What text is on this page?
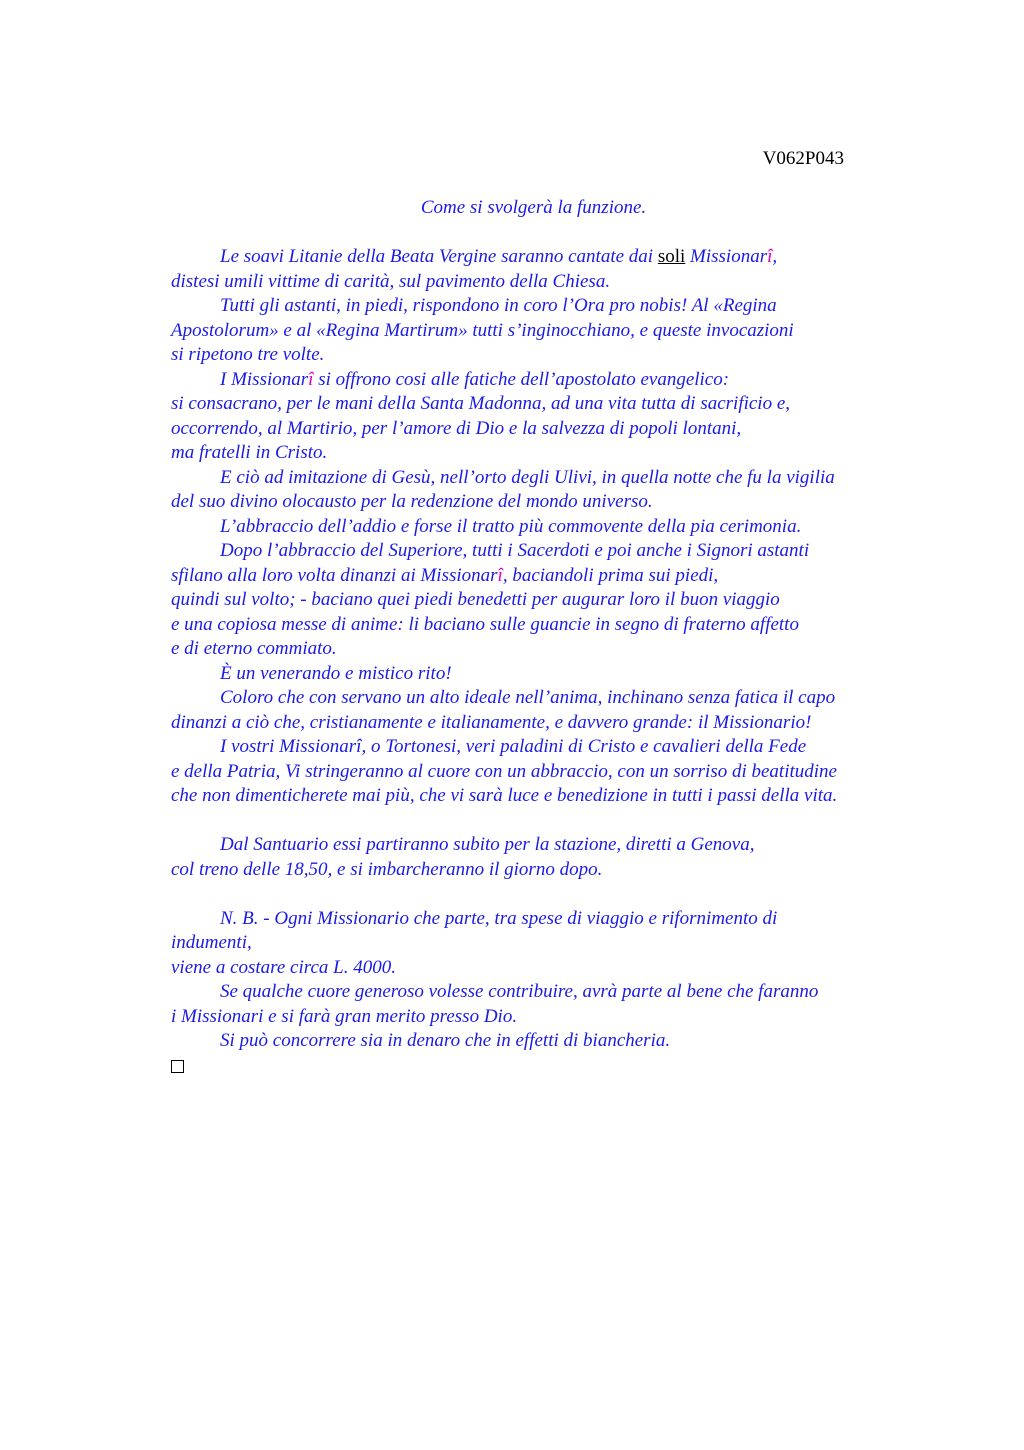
V062P043
Come si svolgerà la funzione.
Le soavi Litanie della Beata Vergine saranno cantate dai soli Missionarî,
distesi umili vittime di carità, sul pavimento della Chiesa.
Tutti gli astanti, in piedi, rispondono in coro l’Ora pro nobis! Al «Regina
Apostolorum» e al «Regina Martirum» tutti s’inginocchiano, e queste invocazioni
si ripetono tre volte.
I Missionarî si offrono cosi alle fatiche dell’apostolato evangelico:
si consacrano, per le mani della Santa Madonna, ad una vita tutta di sacrificio e,
occorrendo, al Martirio, per l’amore di Dio e la salvezza di popoli lontani,
ma fratelli in Cristo.
E ciò ad imitazione di Gesù, nell’orto degli Ulivi, in quella notte che fu la vigilia
del suo divino olocausto per la redenzione del mondo universo.
L’abbraccio dell’addio e forse il tratto più commovente della pia cerimonia.
Dopo l’abbraccio del Superiore, tutti i Sacerdoti e poi anche i Signori astanti
sfilano alla loro volta dinanzi ai Missionarî, baciandoli prima sui piedi,
quindi sul volto; - baciano quei piedi benedetti per augurar loro il buon viaggio
e una copiosa messe di anime: li baciano sulle guancie in segno di fraterno affetto
e di eterno commiato.
È un venerando e mistico rito!
Coloro che con servano un alto ideale nell’anima, inchinano senza fatica il capo
dinanzi a ciò che, cristianamente e italianamente, e davvero grande: il Missionario!
I vostri Missionarî, o Tortonesi, veri paladini di Cristo e cavalieri della Fede
e della Patria, Vi stringeranno al cuore con un abbraccio, con un sorriso di beatitudine
che non dimenticherete mai più, che vi sarà luce e benedizione in tutti i passi della vita.
Dal Santuario essi partiranno subito per la stazione, diretti a Genova,
col treno delle 18,50, e si imbarcheranno il giorno dopo.
N. B. - Ogni Missionario che parte, tra spese di viaggio e rifornimento di
indumenti,
viene a costare circa L. 4000.
Se qualche cuore generoso volesse contribuire, avrà parte al bene che faranno
i Missionari e si farà gran merito presso Dio.
Si può concorrere sia in denaro che in effetti di biancheria.
